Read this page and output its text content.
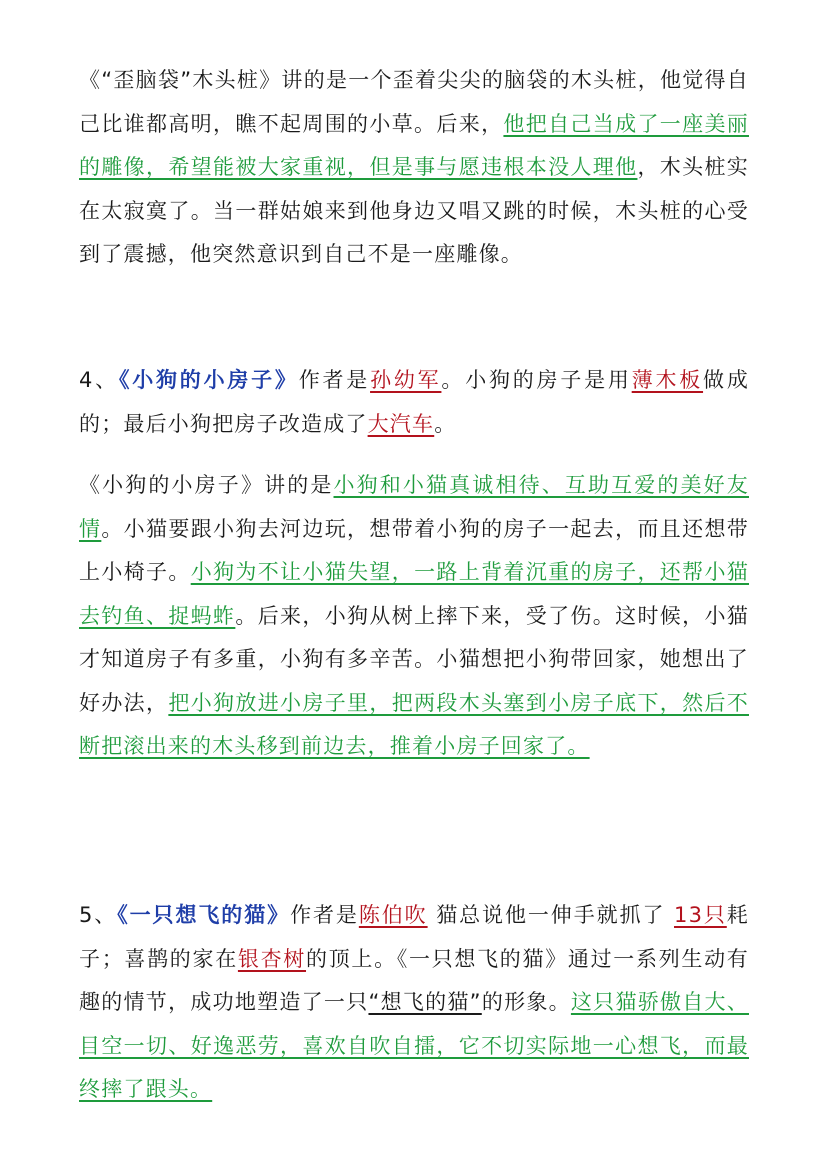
《“歪脑袋”木头桩》讲的是一个歪着尖尖的脑袋的木头桩，他觉得自己比谁都高明，瞧不起周围的小草。后来，他把自己当成了一座美丽的雕像，希望能被大家重视，但是事与愿违根本没人理他，木头桩实在太寂寞了。当一群姑娘来到他身边又唱又跳的时候，木头桩的心受到了震撼，他突然意识到自己不是一座雕像。

4、《小狗的小房子》作者是孙幼军。小狗的房子是用薄木板做成的；最后小狗把房子改造成了大汽车。

《小狗的小房子》讲的是小狗和小猫真诚相待、互助互爱的美好友情。小猫要跟小狗去河边玩，想带着小狗的房子一起去，而且还想带上小椅子。小狗为不让小猫失望，一路上背着沉重的房子，还帮小猫去钓鱼、捉蚂蚱。后来，小狗从树上摔下来，受了伤。这时候，小猫才知道房子有多重，小狗有多辛苦。小猫想把小狗带回家，她想出了好办法，把小狗放进小房子里，把两段木头塞到小房子底下，然后不断把滚出来的木头移到前边去，推着小房子回家了。

5、《一只想飞的猫》作者是陈伯吹 猫总说他一伸手就抓了 13只耗子；喜鹊的家在银杏树的顶上。《一只想飞的猫》通过一系列生动有趣的情节，成功地塑造了一只“想飞的猫”的形象。这只猫骄傲自大、目空一切、好逸恶劳，喜欢自吹自擂，它不切实际地一心想飞，而最终摔了跟头。
